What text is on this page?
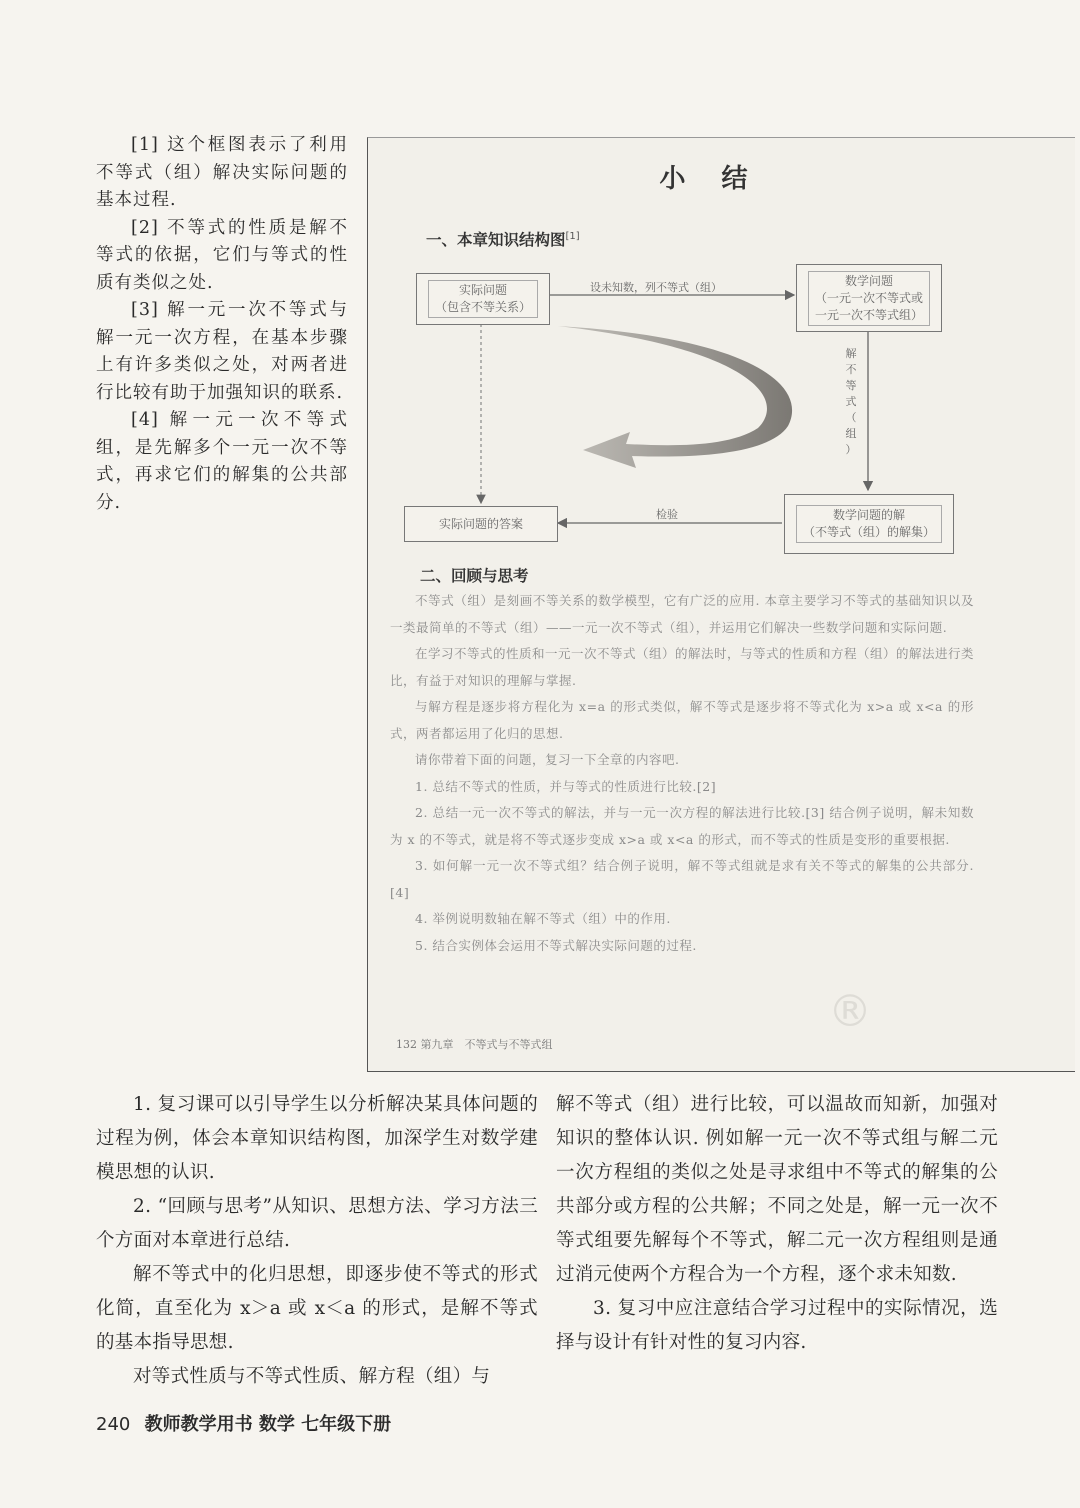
[1] 这个框图表示了利用不等式（组）解决实际问题的基本过程.

[2] 不等式的性质是解不等式的依据，它们与等式的性质有类似之处.

[3] 解一元一次不等式与解一元一次方程，在基本步骤上有许多类似之处，对两者进行比较有助于加强知识的联系.

[4] 解一元一次不等式组，是先解多个一元一次不等式，再求它们的解集的公共部分.

小结
一、本章知识结构图[1]
实际问题
（包含不等关系）
设未知数，列不等式（组）	数学问题
（一元一次不等式或
一元一次不等式组）
解
不
等
式
（
组
）
实际问题的答案
检验	数学问题的解
（不等式（组）的解集）
二、回顾与思考

不等式（组）是刻画不等关系的数学模型，它有广泛的应用. 本章主要学习不等式的基础知识以及一类最简单的不等式（组）——一元一次不等式（组），并运用它们解决一些数学问题和实际问题.

在学习不等式的性质和一元一次不等式（组）的解法时，与等式的性质和方程（组）的解法进行类比，有益于对知识的理解与掌握.

与解方程是逐步将方程化为 x=a 的形式类似，解不等式是逐步将不等式化为 x>a 或 x<a 的形式，两者都运用了化归的思想.

请你带着下面的问题，复习一下全章的内容吧.

1. 总结不等式的性质，并与等式的性质进行比较.[2]

2. 总结一元一次不等式的解法，并与一元一次方程的解法进行比较.[3] 结合例子说明，解未知数为 x 的不等式，就是将不等式逐步变成 x>a 或 x<a 的形式，而不等式的性质是变形的重要根据.

3. 如何解一元一次不等式组？结合例子说明，解不等式组就是求有关不等式的解集的公共部分.[4]

4. 举例说明数轴在解不等式（组）中的作用.

5. 结合实例体会运用不等式解决实际问题的过程.

®
132 第九章　不等式与不等式组

1. 复习课可以引导学生以分析解决某具体问题的过程为例，体会本章知识结构图，加深学生对数学建模思想的认识.

2. “回顾与思考”从知识、思想方法、学习方法三个方面对本章进行总结.

解不等式中的化归思想，即逐步使不等式的形式化简，直至化为 x＞a 或 x＜a 的形式，是解不等式的基本指导思想.

对等式性质与不等式性质、解方程（组）与

解不等式（组）进行比较，可以温故而知新，加强对知识的整体认识. 例如解一元一次不等式组与解二元一次方程组的类似之处是寻求组中不等式的解集的公共部分或方程的公共解；不同之处是，解一元一次不等式组要先解每个不等式，解二元一次方程组则是通过消元使两个方程合为一个方程，逐个求未知数.

3. 复习中应注意结合学习过程中的实际情况，选择与设计有针对性的复习内容.

240 教师教学用书 数学 七年级下册
